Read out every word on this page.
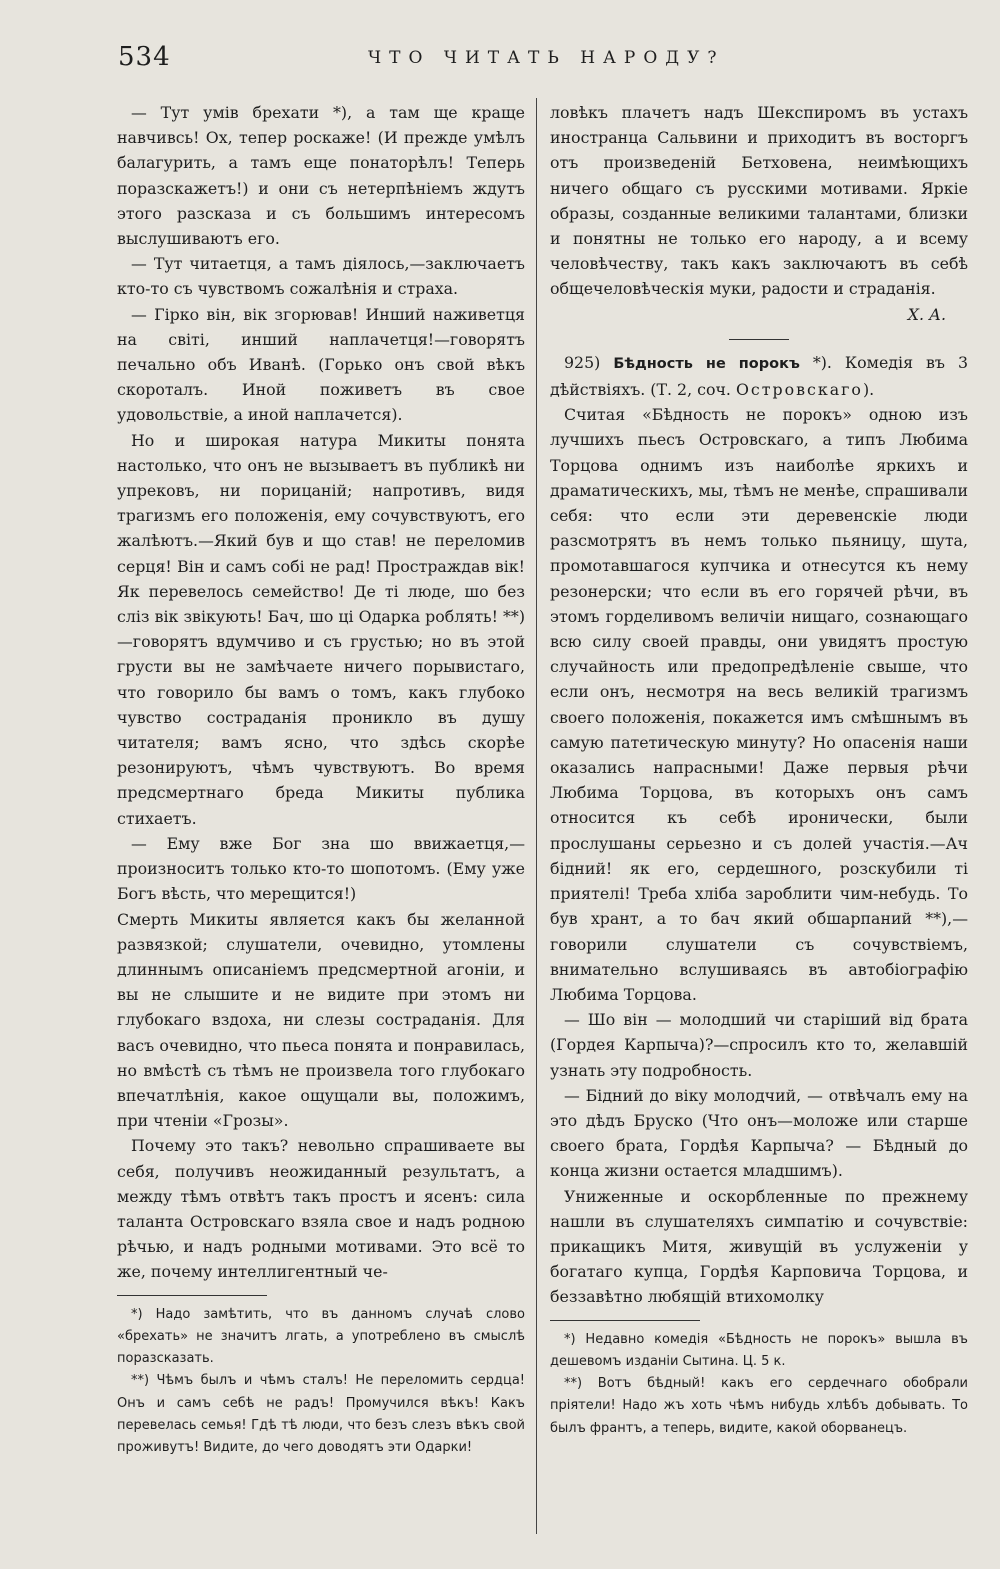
534	ЧТО ЧИТАТЬ НАРОДУ?

— Тут умів брехати *), а там ще краще навчивсь! Ох, тепер роскаже! (И прежде умѣлъ балагурить, а тамъ еще понаторѣлъ! Теперь поразскажетъ!) и они съ нетерпѣніемъ ждутъ этого разсказа и съ большимъ интересомъ выслушиваютъ его.

— Тут читаетця, а тамъ діялось,—заключаетъ кто-то съ чувствомъ сожалѣнія и страха.

— Гірко він, вік згорював! Инший наживетця на світі, инший наплачетця!—говорятъ печально объ Иванѣ. (Горько онъ свой вѣкъ скороталъ. Иной поживетъ въ свое удовольствіе, а иной наплачется).

Но и широкая натура Микиты понята настолько, что онъ не вызываетъ въ публикѣ ни упрековъ, ни порицаній; напротивъ, видя трагизмъ его положенія, ему сочувствуютъ, его жалѣютъ.—Який був и що став! не переломив серця! Він и самъ собі не рад! Простраждав вік! Як перевелось семейство! Де ті люде, шо без сліз вік звікують! Бач, шо ці Одарка роблять! **)—говорятъ вдумчиво и съ грустью; но въ этой грусти вы не замѣчаете ничего порывистаго, что говорило бы вамъ о томъ, какъ глубоко чувство состраданія проникло въ душу читателя; вамъ ясно, что здѣсь скорѣе резонируютъ, чѣмъ чувствуютъ. Во время предсмертнаго бреда Микиты публика стихаетъ.

— Ему вже Бог зна шо ввижаетця,—произноситъ только кто-то шопотомъ. (Ему уже Богъ вѣсть, что мерещится!)

Смерть Микиты является какъ бы желанной развязкой; слушатели, очевидно, утомлены длиннымъ описаніемъ предсмертной агоніи, и вы не слышите и не видите при этомъ ни глубокаго вздоха, ни слезы состраданія. Для васъ очевидно, что пьеса понята и понравилась, но вмѣстѣ съ тѣмъ не произвела того глубокаго впечатлѣнія, какое ощущали вы, положимъ, при чтеніи «Грозы».

Почему это такъ? невольно спрашиваете вы себя, получивъ неожиданный результатъ, а между тѣмъ отвѣтъ такъ простъ и ясенъ: сила таланта Островскаго взяла свое и надъ родною рѣчью, и надъ родными мотивами. Это всё то же, почему интеллигентный че-

*) Надо замѣтить, что въ данномъ случаѣ слово «брехать» не значитъ лгать, а употреблено въ смыслѣ поразсказать.

**) Чѣмъ былъ и чѣмъ сталъ! Не переломить сердца! Онъ и самъ себѣ не радъ! Промучился вѣкъ! Какъ перевелась семья! Гдѣ тѣ люди, что безъ слезъ вѣкъ свой проживутъ! Видите, до чего доводятъ эти Одарки!

ловѣкъ плачетъ надъ Шекспиромъ въ устахъ иностранца Сальвини и приходитъ въ восторгъ отъ произведеній Бетховена, неимѣющихъ ничего общаго съ русскими мотивами. Яркіе образы, созданные великими талантами, близки и понятны не только его народу, а и всему человѣчеству, такъ какъ заключаютъ въ себѣ общечеловѣческія муки, радости и страданія.

Х. А.

925) Бѣдность не порокъ *). Комедія въ 3 дѣйствіяхъ. (Т. 2, соч. Островскаго).

Считая «Бѣдность не порокъ» одною изъ лучшихъ пьесъ Островскаго, а типъ Любима Торцова однимъ изъ наиболѣе яркихъ и драматическихъ, мы, тѣмъ не менѣе, спрашивали себя: что если эти деревенскіе люди разсмотрятъ въ немъ только пьяницу, шута, промотавшагося купчика и отнесутся къ нему резонерски; что если въ его горячей рѣчи, въ этомъ горделивомъ величіи нищаго, сознающаго всю силу своей правды, они увидятъ простую случайность или предопредѣленіе свыше, что если онъ, несмотря на весь великій трагизмъ своего положенія, покажется имъ смѣшнымъ въ самую патетическую минуту? Но опасенія наши оказались напрасными! Даже первыя рѣчи Любима Торцова, въ которыхъ онъ самъ относится къ себѣ иронически, были прослушаны серьезно и съ долей участія.—Ач бідний! як его, сердешного, розскубили ті приятелі! Треба хліба зароблити чим-небудь. То був хрант, а то бач який обшарпаний **),—говорили слушатели съ сочувствіемъ, внимательно вслушиваясь въ автобіографію Любима Торцова.

— Шо він — молодший чи старіший від брата (Гордея Карпыча)?—спросилъ кто то, желавшій узнать эту подробность.

— Бідний до віку молодчий, — отвѣчалъ ему на это дѣдъ Бруско (Что онъ—моложе или старше своего брата, Гордѣя Карпыча? — Бѣдный до конца жизни остается младшимъ).

Униженные и оскорбленные по прежнему нашли въ слушателяхъ симпатію и сочувствіе: прикащикъ Митя, живущій въ услуженіи у богатаго купца, Гордѣя Карповича Торцова, и беззавѣтно любящій втихомолку

*) Недавно комедія «Бѣдность не порокъ» вышла въ дешевомъ изданіи Сытина. Ц. 5 к.

**) Вотъ бѣдный! какъ его сердечнаго обобрали пріятели! Надо жъ хоть чѣмъ нибудь хлѣбъ добывать. То былъ франтъ, а теперь, видите, какой оборванецъ.
